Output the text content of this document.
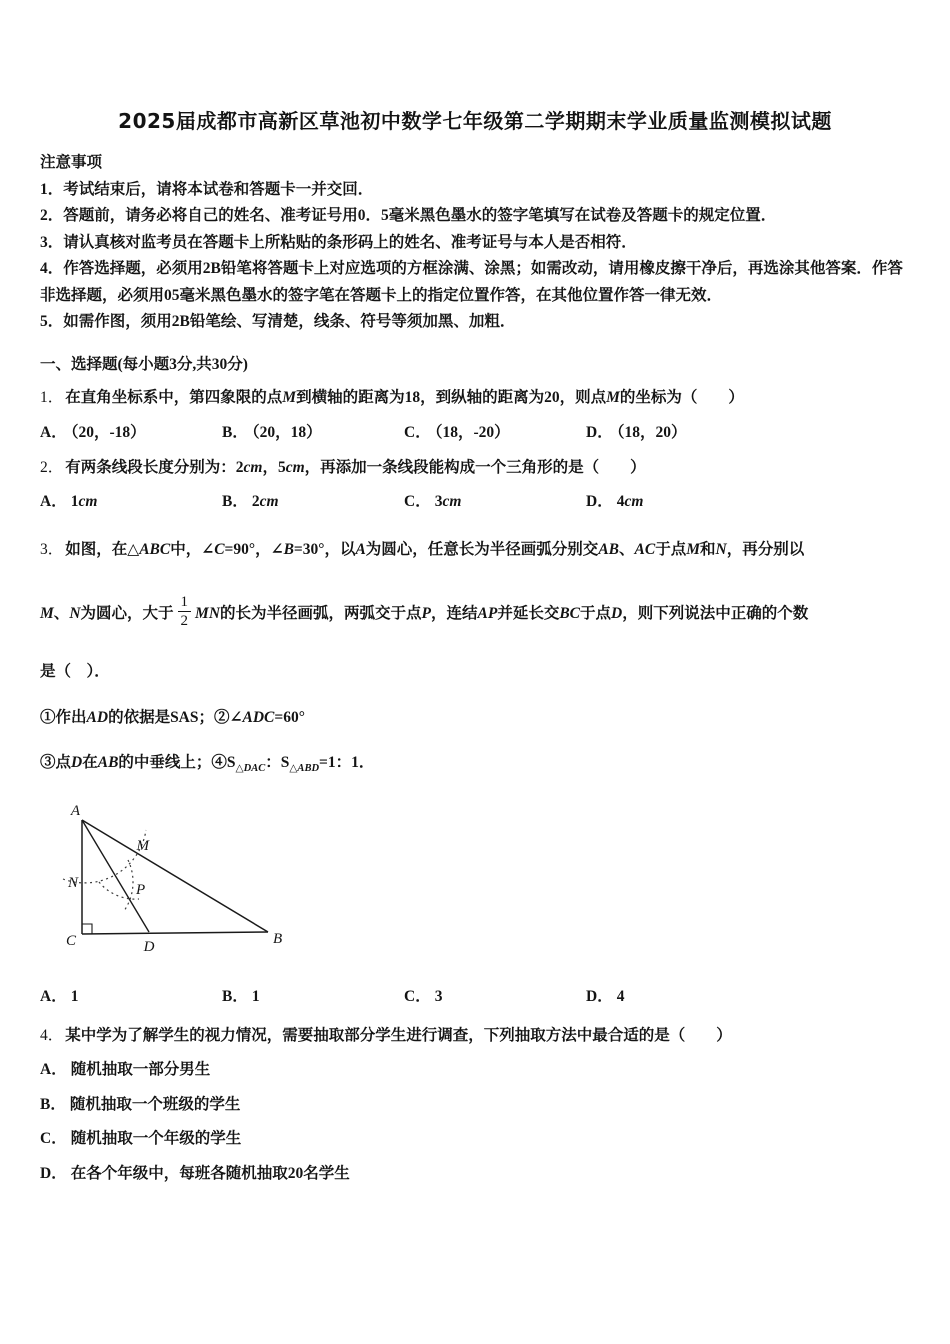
2025届成都市高新区草池初中数学七年级第二学期期末学业质量监测模拟试题

注意事项

1．考试结束后，请将本试卷和答题卡一并交回．

2．答题前，请务必将自己的姓名、准考证号用0．5毫米黑色墨水的签字笔填写在试卷及答题卡的规定位置．

3．请认真核对监考员在答题卡上所粘贴的条形码上的姓名、准考证号与本人是否相符．

4．作答选择题，必须用2B铅笔将答题卡上对应选项的方框涂满、涂黑；如需改动，请用橡皮擦干净后，再选涂其他答案．作答非选择题，必须用05毫米黑色墨水的签字笔在答题卡上的指定位置作答，在其他位置作答一律无效．

5．如需作图，须用2B铅笔绘、写清楚，线条、符号等须加黑、加粗．

一、选择题(每小题3分,共30分)

1． 在直角坐标系中，第四象限的点M到横轴的距离为18，到纵轴的距离为20，则点M的坐标为（　　）

A． （20，-18）	B． （20，18）	C． （18，-20）	D． （18，20）

2． 有两条线段长度分别为：2cm，5cm，再添加一条线段能构成一个三角形的是（　　）

A． 1cm	B． 2cm	C． 3cm	D． 4cm

3． 如图，在△ABC中，∠C=90°，∠B=30°，以A为圆心，任意长为半径画弧分别交AB、AC于点M和N，再分别以

M、N为圆心，大于 $\frac{1}{2}$ MN的长为半径画弧，两弧交于点P，连结AP并延长交BC于点D，则下列说法中正确的个数

是（　）．

①作出AD的依据是SAS；②∠ADC=60°

③点D在AB的中垂线上；$④S_{\triangle DAC}$：$S_{\triangle ABD}=1$：1．

A
B
C	D
M
N	P
A． 1	B． 1	C． 3	D． 4

4． 某中学为了解学生的视力情况，需要抽取部分学生进行调查，下列抽取方法中最合适的是（　　）

A． 随机抽取一部分男生

B． 随机抽取一个班级的学生

C． 随机抽取一个年级的学生

D． 在各个年级中，每班各随机抽取20名学生
